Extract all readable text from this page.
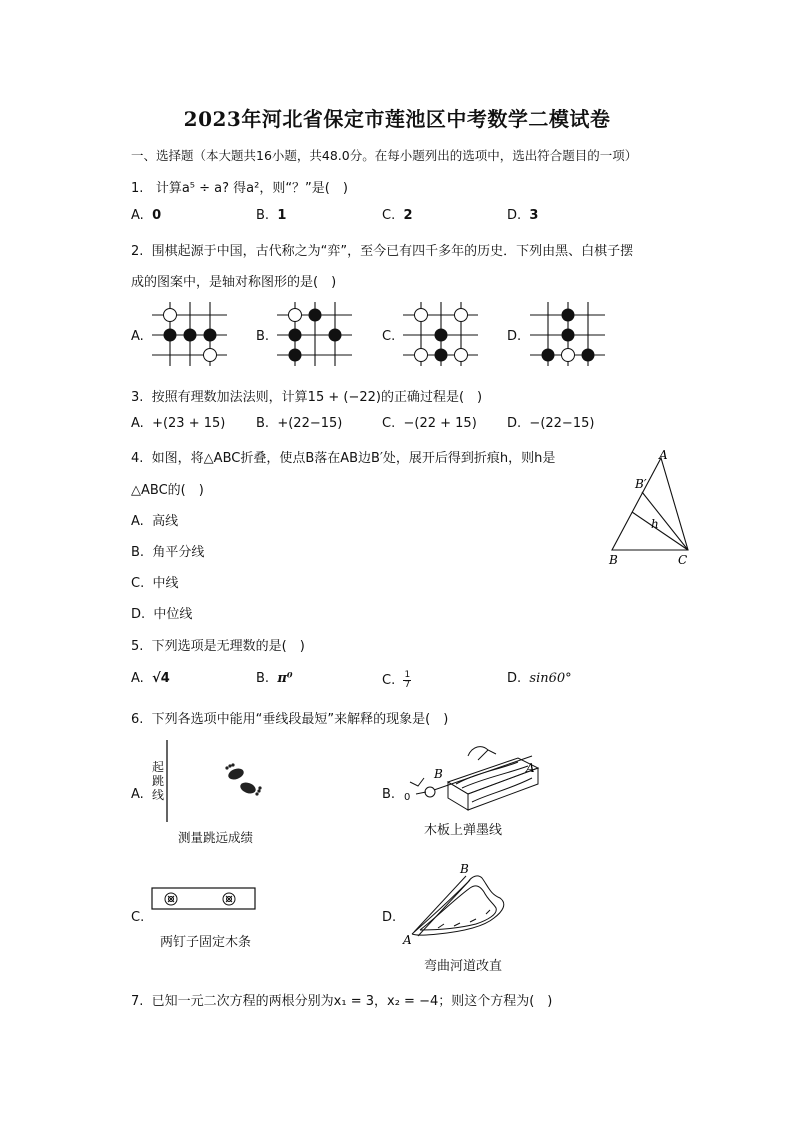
2023年河北省保定市莲池区中考数学二模试卷
一、选择题（本大题共16小题，共48.0分。在每小题列出的选项中，选出符合题目的一项）
1. 计算a⁵ ÷ a? 得a²，则“？”是(　)
A. 0	B. 1	C. 2	D. 3
2. 围棋起源于中国，古代称之为“弈”，至今已有四千多年的历史．下列由黑、白棋子摆
成的图案中，是轴对称图形的是(　)
A.	B.	C.	D.
3. 按照有理数加法法则，计算15 + (−22)的正确过程是(　)
A. +(23 + 15) B. +(22−15)	C. −(22 + 15) D. −(22−15)
4. 如图，将△ABC折叠，使点B落在AB边B′处，展开后得到折痕h，则h是
△ABC的(　)
A. 高线
B. 角平分线
C. 中线
D. 中位线
A
B′
h
B	C
5. 下列选项是无理数的是(　)
A. √4	B. π⁰	C. $\frac{1}{7}$	D. sin60°
6. 下列各选项中能用“垂线段最短”来解释的现象是(　)
A.
起
跳
线
测量跳远成绩
B. 0
A
B
木板上弹墨线
C.
两钉子固定木条
D.
B
A
弯曲河道改直
7. 已知一元二次方程的两根分别为x₁ = 3，x₂ = −4；则这个方程为(　)
